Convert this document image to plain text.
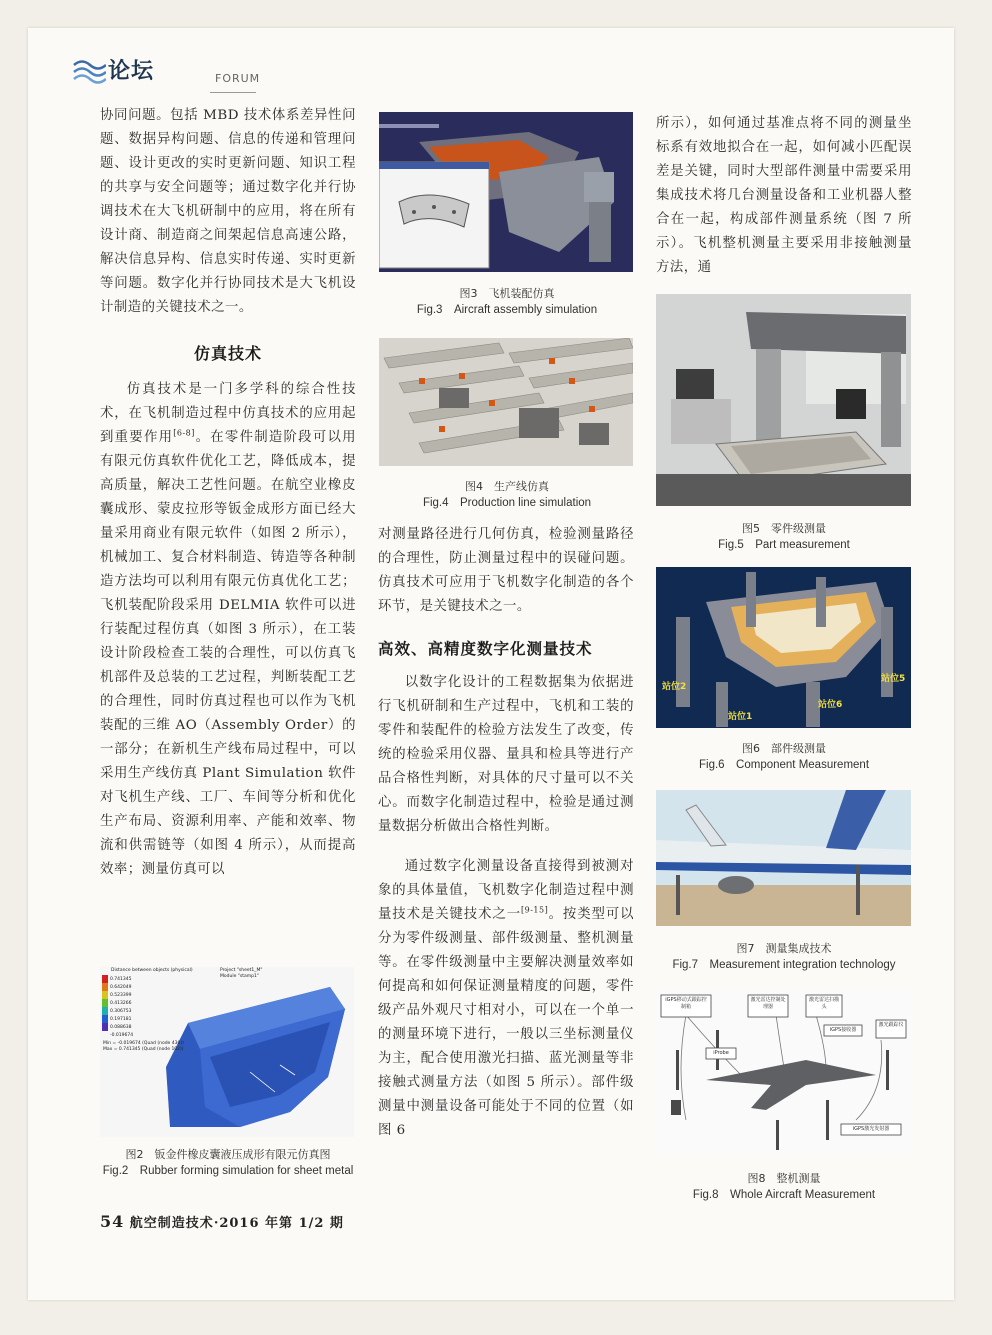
论坛	FORUM

协同问题。包括 MBD 技术体系差异性问题、数据异构问题、信息的传递和管理问题、设计更改的实时更新问题、知识工程的共享与安全问题等；通过数字化并行协调技术在大飞机研制中的应用，将在所有设计商、制造商之间架起信息高速公路，解决信息异构、信息实时传递、实时更新等问题。数字化并行协同技术是大飞机设计制造的关键技术之一。

仿真技术

仿真技术是一门多学科的综合性技术，在飞机制造过程中仿真技术的应用起到重要作用[6-8]。在零件制造阶段可以用有限元仿真软件优化工艺，降低成本，提高质量，解决工艺性问题。在航空业橡皮囊成形、蒙皮拉形等钣金成形方面已经大量采用商业有限元软件（如图 2 所示），机械加工、复合材料制造、铸造等各种制造方法均可以利用有限元仿真优化工艺；飞机装配阶段采用 DELMIA 软件可以进行装配过程仿真（如图 3 所示），在工装设计阶段检查工装的合理性，可以仿真飞机部件及总装的工艺过程，判断装配工艺的合理性，同时仿真过程也可以作为飞机装配的三维 AO（Assembly Order）的一部分；在新机生产线布局过程中，可以采用生产线仿真 Plant Simulation 软件对飞机生产线、工厂、车间等分析和优化生产布局、资源利用率、产能和效率、物流和供需链等（如图 4 所示），从而提高效率；测量仿真可以

Distance between objects (physical)
0.741345
0.642049
0.523399
0.413266
0.306753
0.197181
0.088638
-0.019674
Min = -0.019674 (Quad (node 430))
Max = 0.741345 (Quad (node 102))
Project "sheet1_M"
Module "stamp1"
图2　钣金件橡皮囊液压成形有限元仿真图
Fig.2　Rubber forming simulation for sheet metal
图3　飞机装配仿真
Fig.3　Aircraft assembly simulation
图4　生产线仿真
Fig.4　Production line simulation

对测量路径进行几何仿真，检验测量路径的合理性，防止测量过程中的误碰问题。仿真技术可应用于飞机数字化制造的各个环节，是关键技术之一。

高效、高精度数字化测量技术

以数字化设计的工程数据集为依据进行飞机研制和生产过程中，飞机和工装的零件和装配件的检验方法发生了改变，传统的检验采用仪器、量具和检具等进行产品合格性判断，对具体的尺寸量可以不关心。而数字化制造过程中，检验是通过测量数据分析做出合格性判断。

通过数字化测量设备直接得到被测对象的具体量值，飞机数字化制造过程中测量技术是关键技术之一[9-15]。按类型可以分为零件级测量、部件级测量、整机测量等。在零件级测量中主要解决测量效率如何提高和如何保证测量精度的问题，零件级产品外观尺寸相对小，可以在一个单一的测量环境下进行，一般以三坐标测量仪为主，配合使用激光扫描、蓝光测量等非接触式测量方法（如图 5 所示）。部件级测量中测量设备可能处于不同的位置（如图 6

所示），如何通过基准点将不同的测量坐标系有效地拟合在一起，如何减小匹配误差是关键，同时大型部件测量中需要采用集成技术将几台测量设备和工业机器人整合在一起，构成部件测量系统（图 7 所示）。飞机整机测量主要采用非接触测量方法，通

图5　零件级测量
Fig.5　Part measurement
站位2
站位1
站位6
站位5
图6　部件级测量
Fig.6　Component Measurement
图7　测量集成技术
Fig.7　Measurement integration technology
iGPS移动式跟踪控制箱
激光雷达控制处理器
激光雷达扫描头
iGPS接收器
激光跟踪仪
iProbe
iGPS激光发射器
图8　整机测量
Fig.8　Whole Aircraft Measurement
54 航空制造技术·2016 年第 1/2 期
